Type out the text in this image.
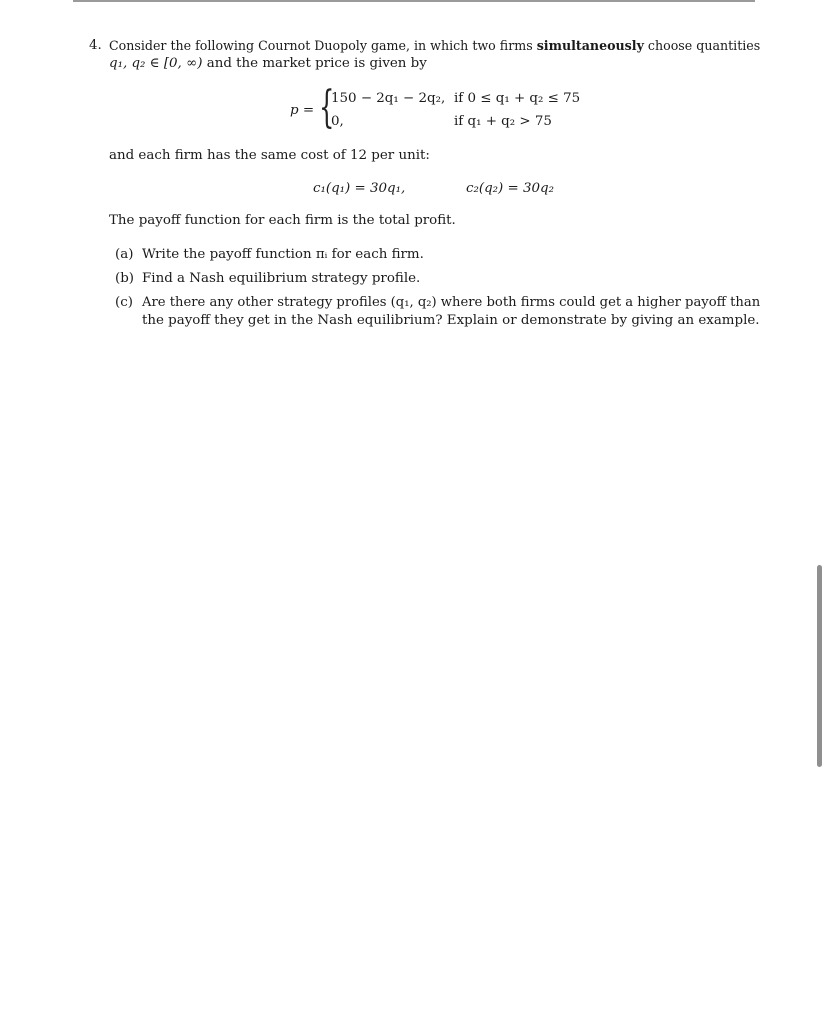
4. Consider the following Cournot Duopoly game, in which two firms simultaneously choose quantities
q₁, q₂ ∈ [0, ∞) and the market price is given by
p = {
150 − 2q₁ − 2q₂, if 0 ≤ q₁ + q₂ ≤ 75
0,	if q₁ + q₂ > 75
and each firm has the same cost of 12 per unit:
c₁(q₁) = 30q₁,	c₂(q₂) = 30q₂
The payoff function for each firm is the total profit.
(a) Write the payoff function πᵢ for each firm.
(b) Find a Nash equilibrium strategy profile.
(c) Are there any other strategy profiles (q₁, q₂) where both firms could get a higher payoff than
the payoff they get in the Nash equilibrium? Explain or demonstrate by giving an example.
